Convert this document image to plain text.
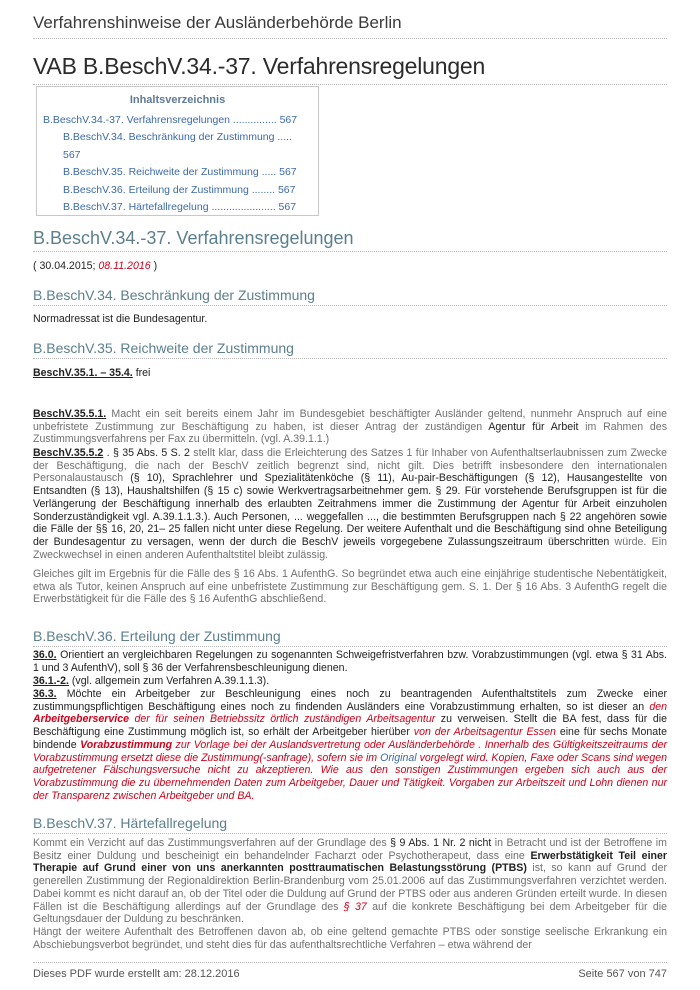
Verfahrenshinweise der Ausländerbehörde Berlin
VAB B.BeschV.34.-37. Verfahrensregelungen
Inhaltsverzeichnis
B.BeschV.34.-37. Verfahrensregelungen ............... 567
B.BeschV.34. Beschränkung der Zustimmung .....
567
B.BeschV.35. Reichweite der Zustimmung ..... 567
B.BeschV.36. Erteilung der Zustimmung ........ 567
B.BeschV.37. Härtefallregelung ...................... 567
B.BeschV.34.-37. Verfahrensregelungen
( 30.04.2015; 08.11.2016 )
B.BeschV.34. Beschränkung der Zustimmung
Normadressat ist die Bundesagentur.
B.BeschV.35. Reichweite der Zustimmung
BeschV.35.1. – 35.4. frei
BeschV.35.5.1. Macht ein seit bereits einem Jahr im Bundesgebiet beschäftigter Ausländer geltend, nunmehr Anspruch auf eine unbefristete Zustimmung zur Beschäftigung zu haben, ist dieser Antrag der zuständigen Agentur für Arbeit im Rahmen des Zustimmungsverfahrens per Fax zu übermitteln. (vgl. A.39.1.1.)
BeschV.35.5.2 . § 35 Abs. 5 S. 2 stellt klar, dass die Erleichterung des Satzes 1 für Inhaber von Aufenthaltserlaubnissen zum Zwecke der Beschäftigung, die nach der BeschV zeitlich begrenzt sind, nicht gilt. Dies betrifft insbesondere den internationalen Personalaustausch (§ 10), Sprachlehrer und Spezialitätenköche (§ 11), Au-pair-Beschäftigungen (§ 12), Hausangestellte von Entsandten (§ 13), Haushaltshilfen (§ 15 c) sowie Werkvertragsarbeitnehmer gem. § 29. Für vorstehende Berufsgruppen ist für die Verlängerung der Beschäftigung innerhalb des erlaubten Zeitrahmens immer die Zustimmung der Agentur für Arbeit einzuholen Sonderzuständigkeit vgl. A.39.1.1.3.). Auch Personen, ... weggefallen ..., die bestimmten Berufsgruppen nach § 22 angehören sowie die Fälle der §§ 16, 20, 21– 25 fallen nicht unter diese Regelung. Der weitere Aufenthalt und die Beschäftigung sind ohne Beteiligung der Bundesagentur zu versagen, wenn der durch die BeschV jeweils vorgegebene Zulassungszeitraum überschritten würde. Ein Zweckwechsel in einen anderen Aufenthaltstitel bleibt zulässig.
Gleiches gilt im Ergebnis für die Fälle des § 16 Abs. 1 AufenthG. So begründet etwa auch eine einjährige studentische Nebentätigkeit, etwa als Tutor, keinen Anspruch auf eine unbefristete Zustimmung zur Beschäftigung gem. S. 1. Der § 16 Abs. 3 AufenthG regelt die Erwerbstätigkeit für die Fälle des § 16 AufenthG abschließend.
B.BeschV.36. Erteilung der Zustimmung
36.0. Orientiert an vergleichbaren Regelungen zu sogenannten Schweigefristverfahren bzw. Vorabzustimmungen (vgl. etwa § 31 Abs. 1 und 3 AufenthV), soll § 36 der Verfahrensbeschleunigung dienen.
36.1.-2. (vgl. allgemein zum Verfahren A.39.1.1.3).
36.3. Möchte ein Arbeitgeber zur Beschleunigung eines noch zu beantragenden Aufenthaltstitels zum Zwecke einer zustimmungspflichtigen Beschäftigung eines noch zu findenden Ausländers eine Vorabzustimmung erhalten, so ist dieser an den Arbeitgeberservice der für seinen Betriebssitz örtlich zuständigen Arbeitsagentur zu verweisen. Stellt die BA fest, dass für die Beschäftigung eine Zustimmung möglich ist, so erhält der Arbeitgeber hierüber von der Arbeitsagentur Essen eine für sechs Monate bindende Vorabzustimmung zur Vorlage bei der Auslandsvertretung oder Ausländerbehörde . Innerhalb des Gültigkeitszeitraums der Vorabzustimmung ersetzt diese die Zustimmung(-sanfrage), sofern sie im Original vorgelegt wird. Kopien, Faxe oder Scans sind wegen aufgetretener Fälschungsversuche nicht zu akzeptieren. Wie aus den sonstigen Zustimmungen ergeben sich auch aus der Vorabzustimmung die zu übernehmenden Daten zum Arbeitgeber, Dauer und Tätigkeit. Vorgaben zur Arbeitszeit und Lohn dienen nur der Transparenz zwischen Arbeitgeber und BA.
B.BeschV.37. Härtefallregelung
Kommt ein Verzicht auf das Zustimmungsverfahren auf der Grundlage des § 9 Abs. 1 Nr. 2 nicht in Betracht und ist der Betroffene im Besitz einer Duldung und bescheinigt ein behandelnder Facharzt oder Psychotherapeut, dass eine Erwerbstätigkeit Teil einer Therapie auf Grund einer von uns anerkannten posttraumatischen Belastungsstörung (PTBS) ist, so kann auf Grund der generellen Zustimmung der Regionaldirektion Berlin-Brandenburg vom 25.01.2006 auf das Zustimmungsverfahren verzichtet werden. Dabei kommt es nicht darauf an, ob der Titel oder die Duldung auf Grund der PTBS oder aus anderen Gründen erteilt wurde. In diesen Fällen ist die Beschäftigung allerdings auf der Grundlage des § 37 auf die konkrete Beschäftigung bei dem Arbeitgeber für die Geltungsdauer der Duldung zu beschränken.
Hängt der weitere Aufenthalt des Betroffenen davon ab, ob eine geltend gemachte PTBS oder sonstige seelische Erkrankung ein Abschiebungsverbot begründet, und steht dies für das aufenthaltsrechtliche Verfahren – etwa während der
Dieses PDF wurde erstellt am: 28.12.2016	Seite 567 von 747
